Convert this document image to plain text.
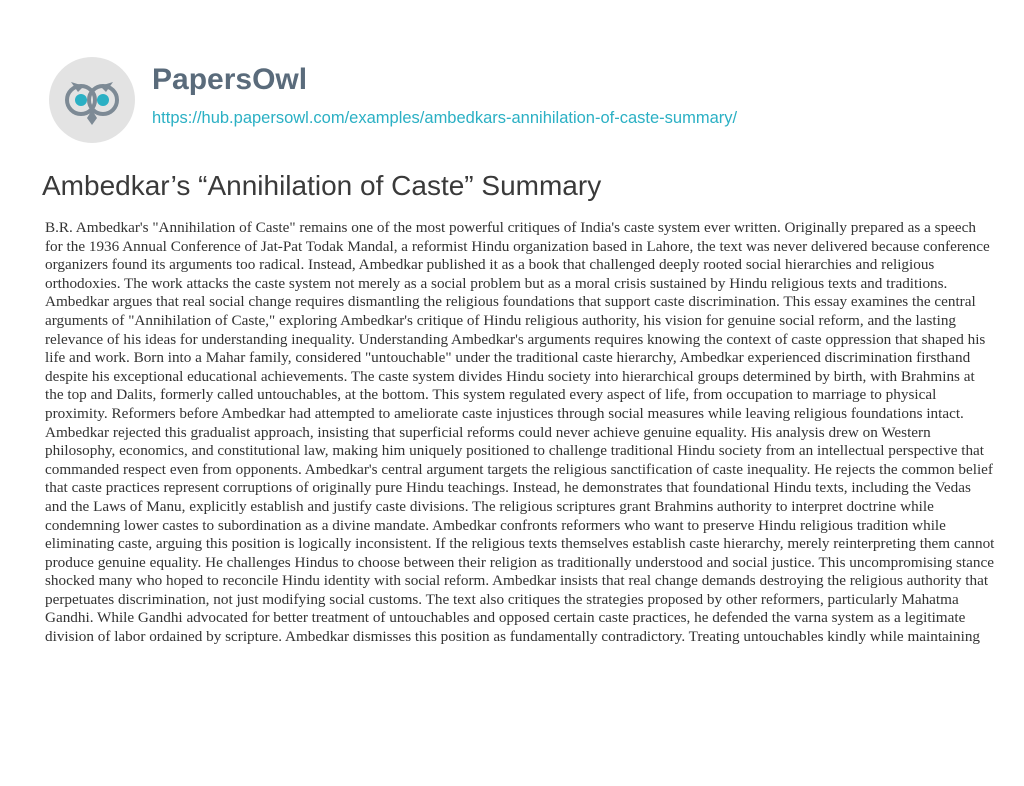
PapersOwl
https://hub.papersowl.com/examples/ambedkars-annihilation-of-caste-summary/
Ambedkar’s “Annihilation of Caste” Summary

B.R. Ambedkar's "Annihilation of Caste" remains one of the most powerful critiques of India's caste system ever written. Originally prepared as a speech for the 1936 Annual Conference of Jat-Pat Todak Mandal, a reformist Hindu organization based in Lahore, the text was never delivered because conference organizers found its arguments too radical. Instead, Ambedkar published it as a book that challenged deeply rooted social hierarchies and religious orthodoxies. The work attacks the caste system not merely as a social problem but as a moral crisis sustained by Hindu religious texts and traditions. Ambedkar argues that real social change requires dismantling the religious foundations that support caste discrimination. This essay examines the central arguments of "Annihilation of Caste," exploring Ambedkar's critique of Hindu religious authority, his vision for genuine social reform, and the lasting relevance of his ideas for understanding inequality. Understanding Ambedkar's arguments requires knowing the context of caste oppression that shaped his life and work. Born into a Mahar family, considered "untouchable" under the traditional caste hierarchy, Ambedkar experienced discrimination firsthand despite his exceptional educational achievements. The caste system divides Hindu society into hierarchical groups determined by birth, with Brahmins at the top and Dalits, formerly called untouchables, at the bottom. This system regulated every aspect of life, from occupation to marriage to physical proximity. Reformers before Ambedkar had attempted to ameliorate caste injustices through social measures while leaving religious foundations intact. Ambedkar rejected this gradualist approach, insisting that superficial reforms could never achieve genuine equality. His analysis drew on Western philosophy, economics, and constitutional law, making him uniquely positioned to challenge traditional Hindu society from an intellectual perspective that commanded respect even from opponents. Ambedkar's central argument targets the religious sanctification of caste inequality. He rejects the common belief that caste practices represent corruptions of originally pure Hindu teachings. Instead, he demonstrates that foundational Hindu texts, including the Vedas and the Laws of Manu, explicitly establish and justify caste divisions. The religious scriptures grant Brahmins authority to interpret doctrine while condemning lower castes to subordination as a divine mandate. Ambedkar confronts reformers who want to preserve Hindu religious tradition while eliminating caste, arguing this position is logically inconsistent. If the religious texts themselves establish caste hierarchy, merely reinterpreting them cannot produce genuine equality. He challenges Hindus to choose between their religion as traditionally understood and social justice. This uncompromising stance shocked many who hoped to reconcile Hindu identity with social reform. Ambedkar insists that real change demands destroying the religious authority that perpetuates discrimination, not just modifying social customs. The text also critiques the strategies proposed by other reformers, particularly Mahatma Gandhi. While Gandhi advocated for better treatment of untouchables and opposed certain caste practices, he defended the varna system as a legitimate division of labor ordained by scripture. Ambedkar dismisses this position as fundamentally contradictory. Treating untouchables kindly while maintaining
